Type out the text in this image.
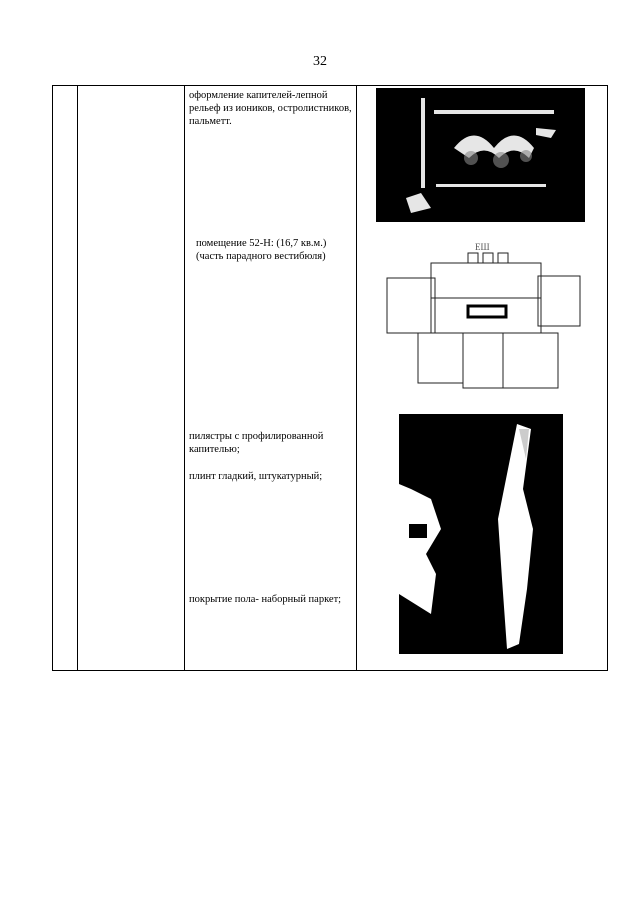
32
оформление капителей-лепной рельеф из иоников, остролистников, пальметт.
помещение 52-Н: (16,7 кв.м.) (часть парадного вестибюля)
ЕШ
пилястры с профилированной капителью;
плинт гладкий, штукатурный;
покрытие пола- наборный паркет;
